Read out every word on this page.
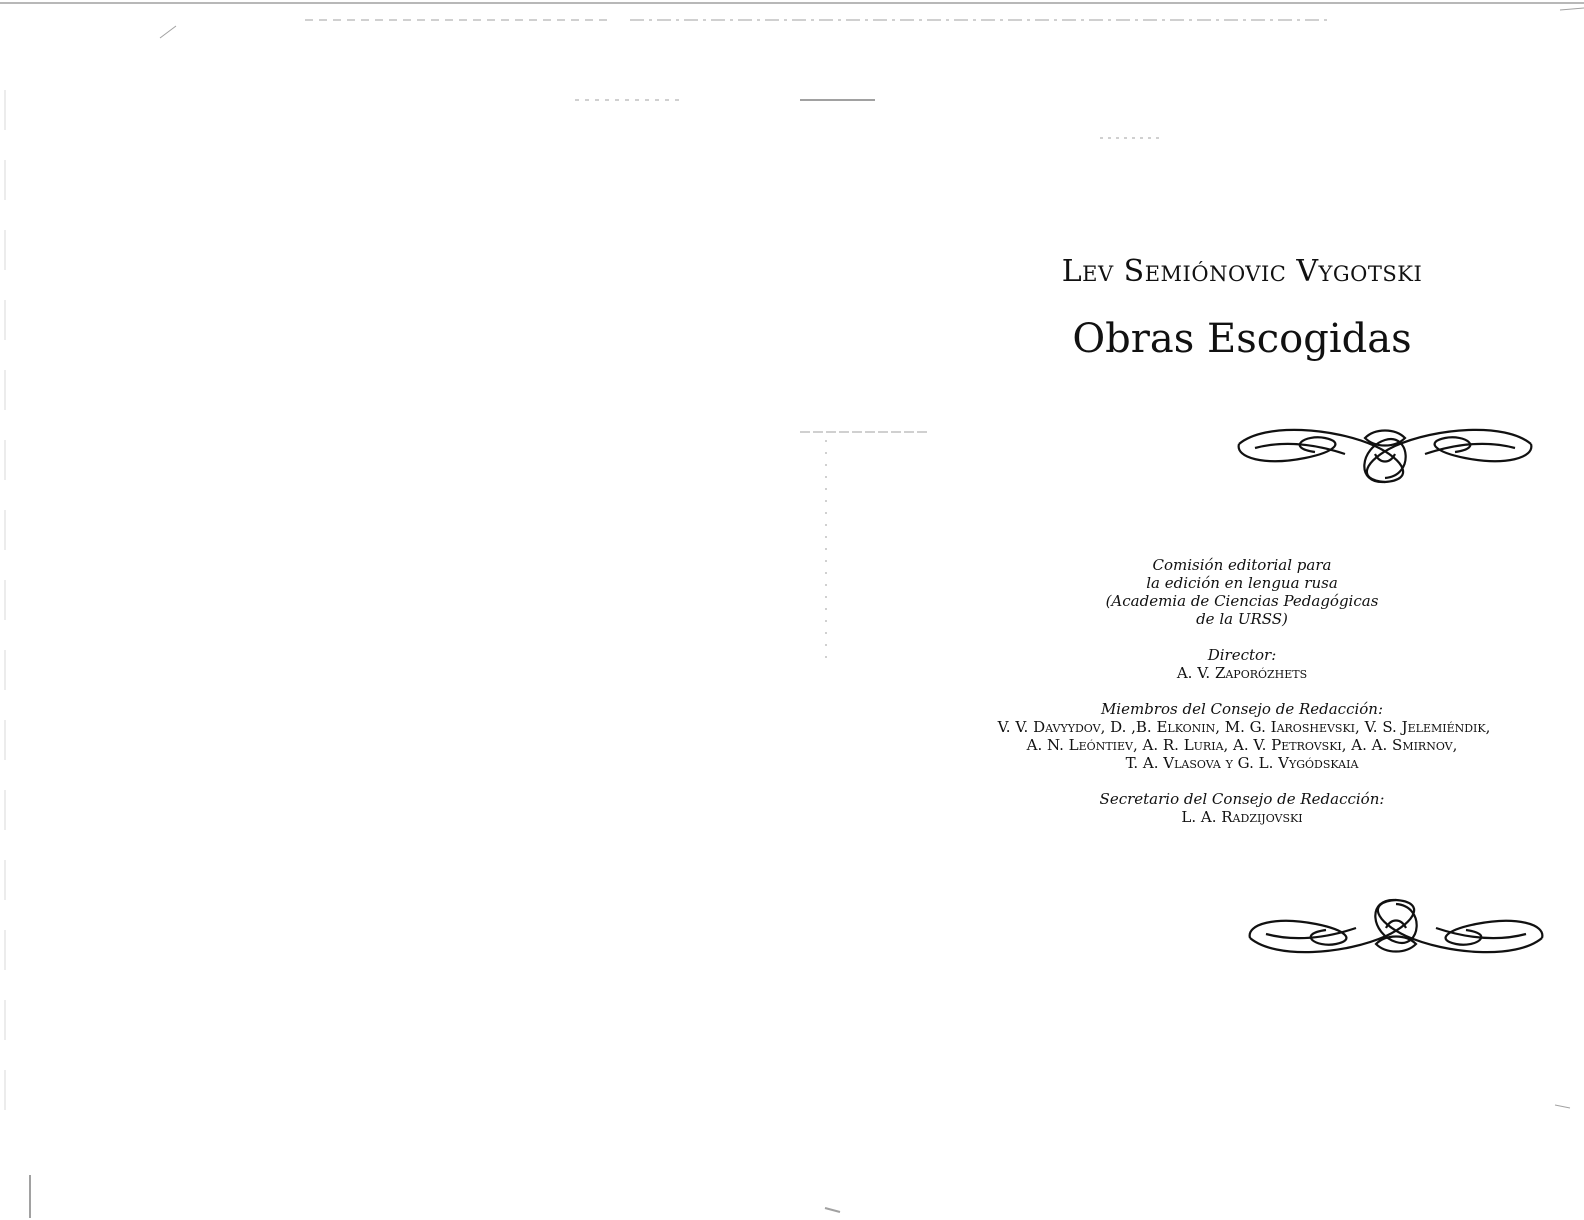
Lev Semiónovic Vygotski
Obras Escogidas
Comisión editorial para
la edición en lengua rusa
(Academia de Ciencias Pedagógicas
de la URSS)
Director:
A. V. Zaporózhets
Miembros del Consejo de Redacción:
V. V. Davyydov, D. ,B. Elkonin, M. G. Iaroshevski, V. S. Jelemiéndik,
A. N. Leóntiev, A. R. Luria, A. V. Petrovski, A. A. Smirnov,
T. A. Vlasova y G. L. Vygódskaia
Secretario del Consejo de Redacción:
L. A. Radzijovski
